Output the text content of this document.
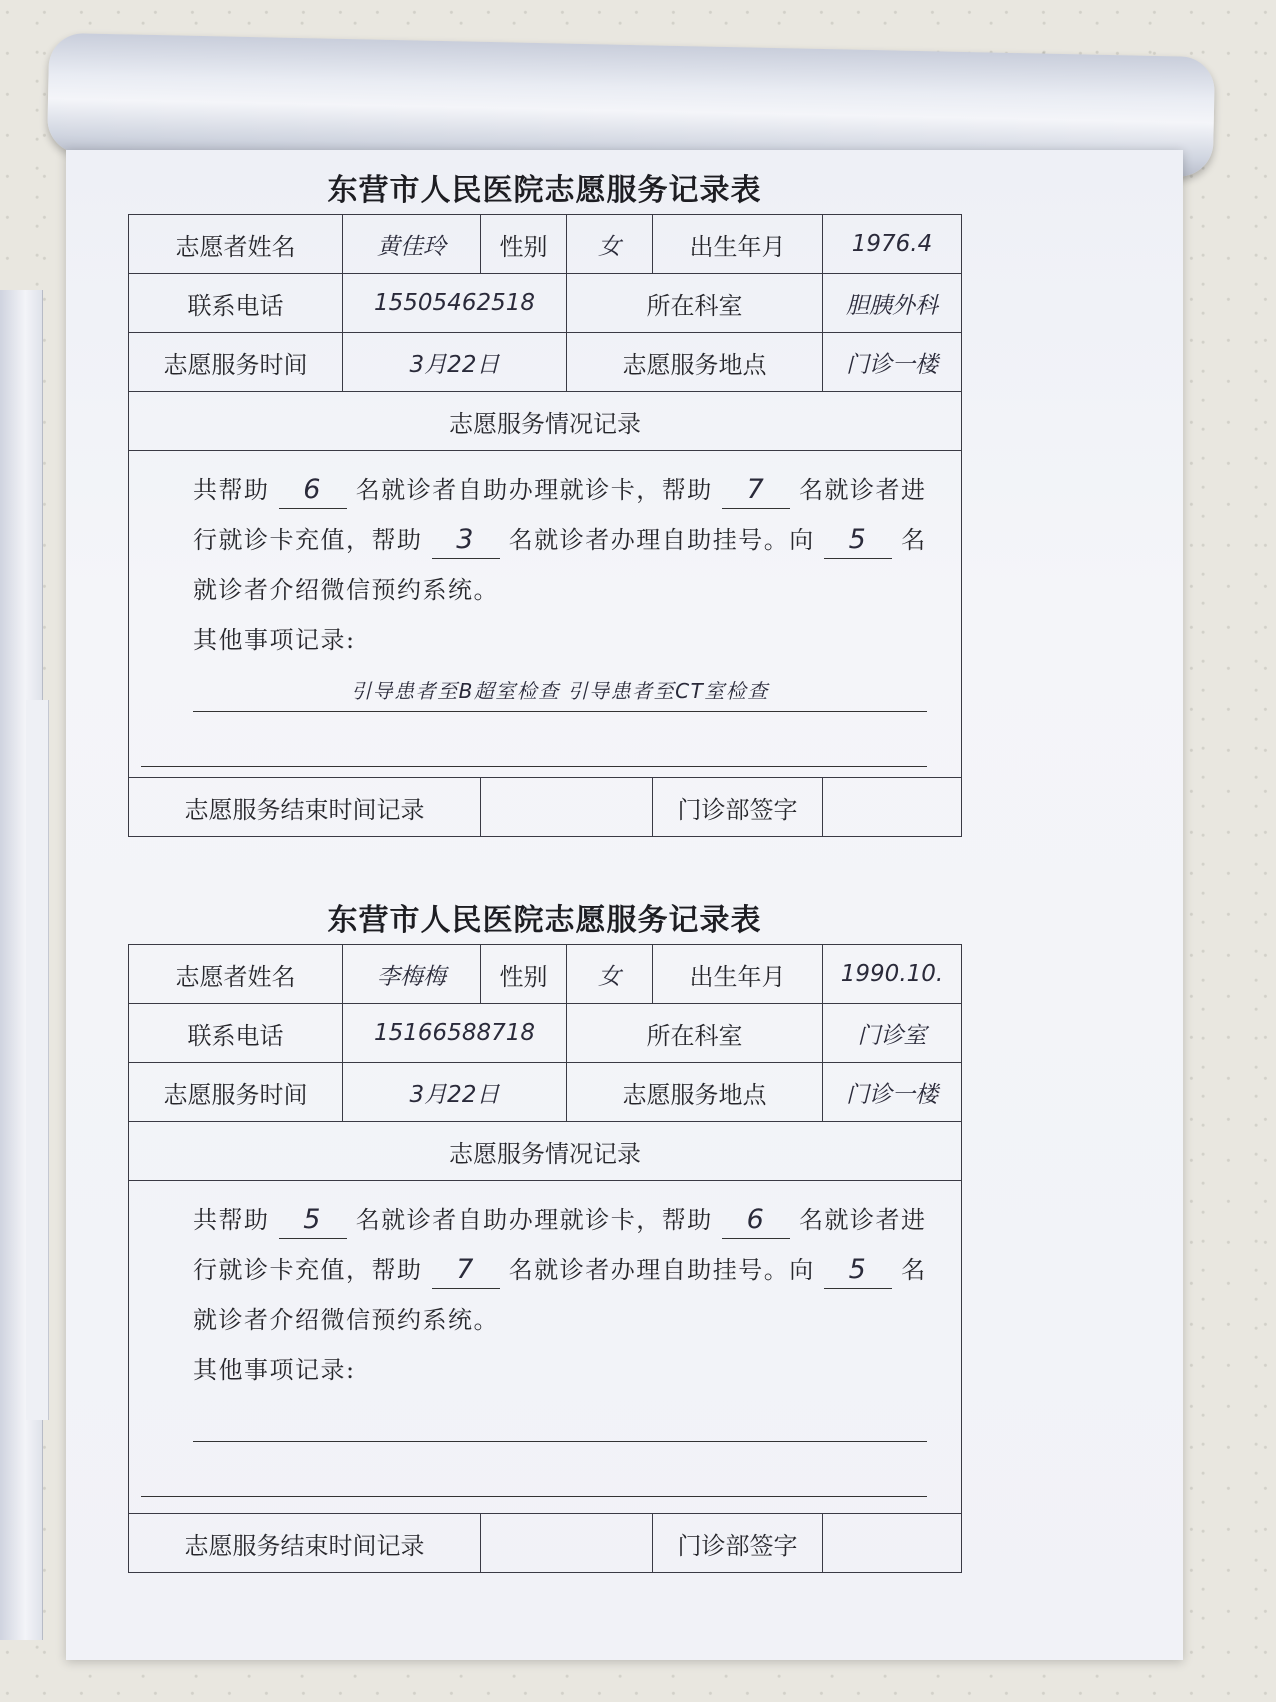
东营市人民医院志愿服务记录表
志愿者姓名	黄佳玲	性别	女	出生年月	1976.4
联系电话	15505462518		所在科室		胆胰外科
志愿服务时间	3月22日		志愿服务地点		门诊一楼
志愿服务情况记录					

共帮助 6 名就诊者自助办理就诊卡，帮助 7 名就诊者进行就诊卡充值，帮助 3 名就诊者办理自助挂号。向 5 名就诊者介绍微信预约系统。
其他事项记录:
引导患者至B超室检查 引导患者至CT室检查					

志愿服务结束时间记录				门诊部签字	
东营市人民医院志愿服务记录表
志愿者姓名	李梅梅	性别	女	出生年月	1990.10.
联系电话	15166588718		所在科室		门诊室
志愿服务时间	3月22日		志愿服务地点		门诊一楼
志愿服务情况记录					

共帮助 5 名就诊者自助办理就诊卡，帮助 6 名就诊者进行就诊卡充值，帮助 7 名就诊者办理自助挂号。向 5 名就诊者介绍微信预约系统。
其他事项记录:					

志愿服务结束时间记录				门诊部签字	
